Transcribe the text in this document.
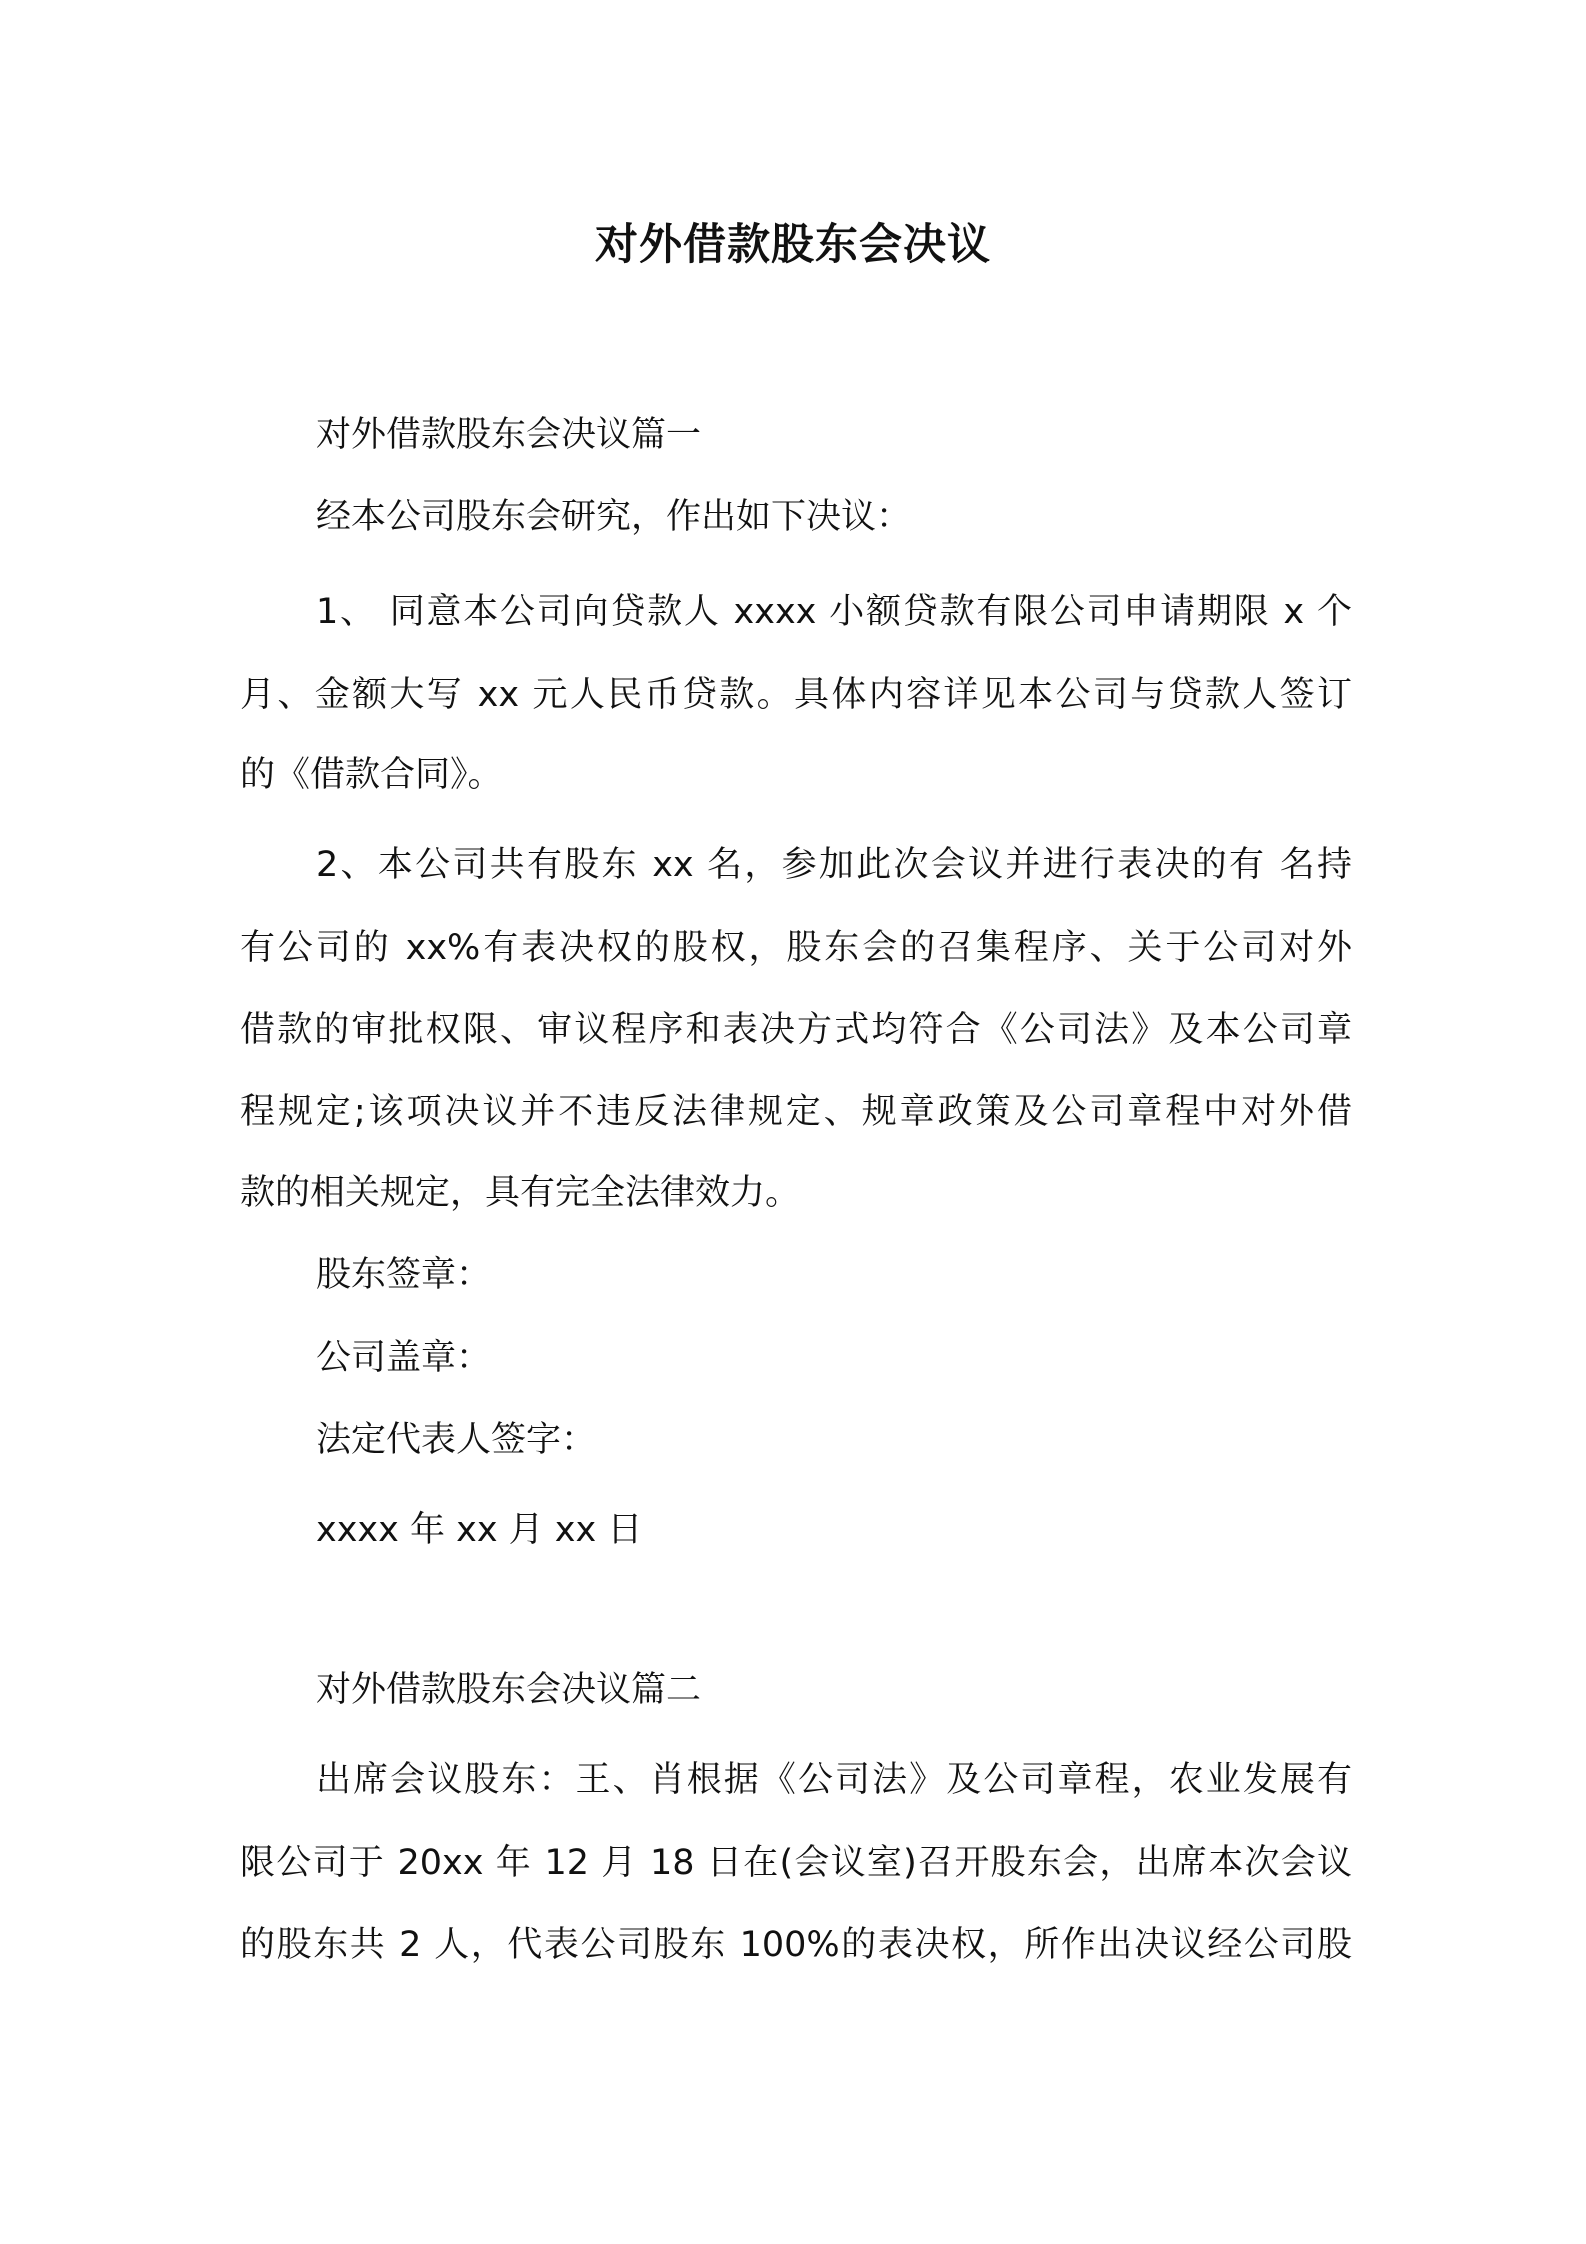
对外借款股东会决议
对外借款股东会决议篇一
经本公司股东会研究，作出如下决议：
1、 同意本公司向贷款人 xxxx 小额贷款有限公司申请期限 x 个
月、金额大写 xx 元人民币贷款。具体内容详见本公司与贷款人签订
的《借款合同》。
2、本公司共有股东 xx 名，参加此次会议并进行表决的有 名持
有公司的 xx%有表决权的股权，股东会的召集程序、关于公司对外
借款的审批权限、审议程序和表决方式均符合《公司法》及本公司章
程规定;该项决议并不违反法律规定、规章政策及公司章程中对外借
款的相关规定，具有完全法律效力。
股东签章：
公司盖章：
法定代表人签字：
xxxx 年 xx 月 xx 日
对外借款股东会决议篇二
出席会议股东：王、肖根据《公司法》及公司章程，农业发展有
限公司于 20xx 年 12 月 18 日在(会议室)召开股东会，出席本次会议
的股东共 2 人，代表公司股东 100%的表决权，所作出决议经公司股
